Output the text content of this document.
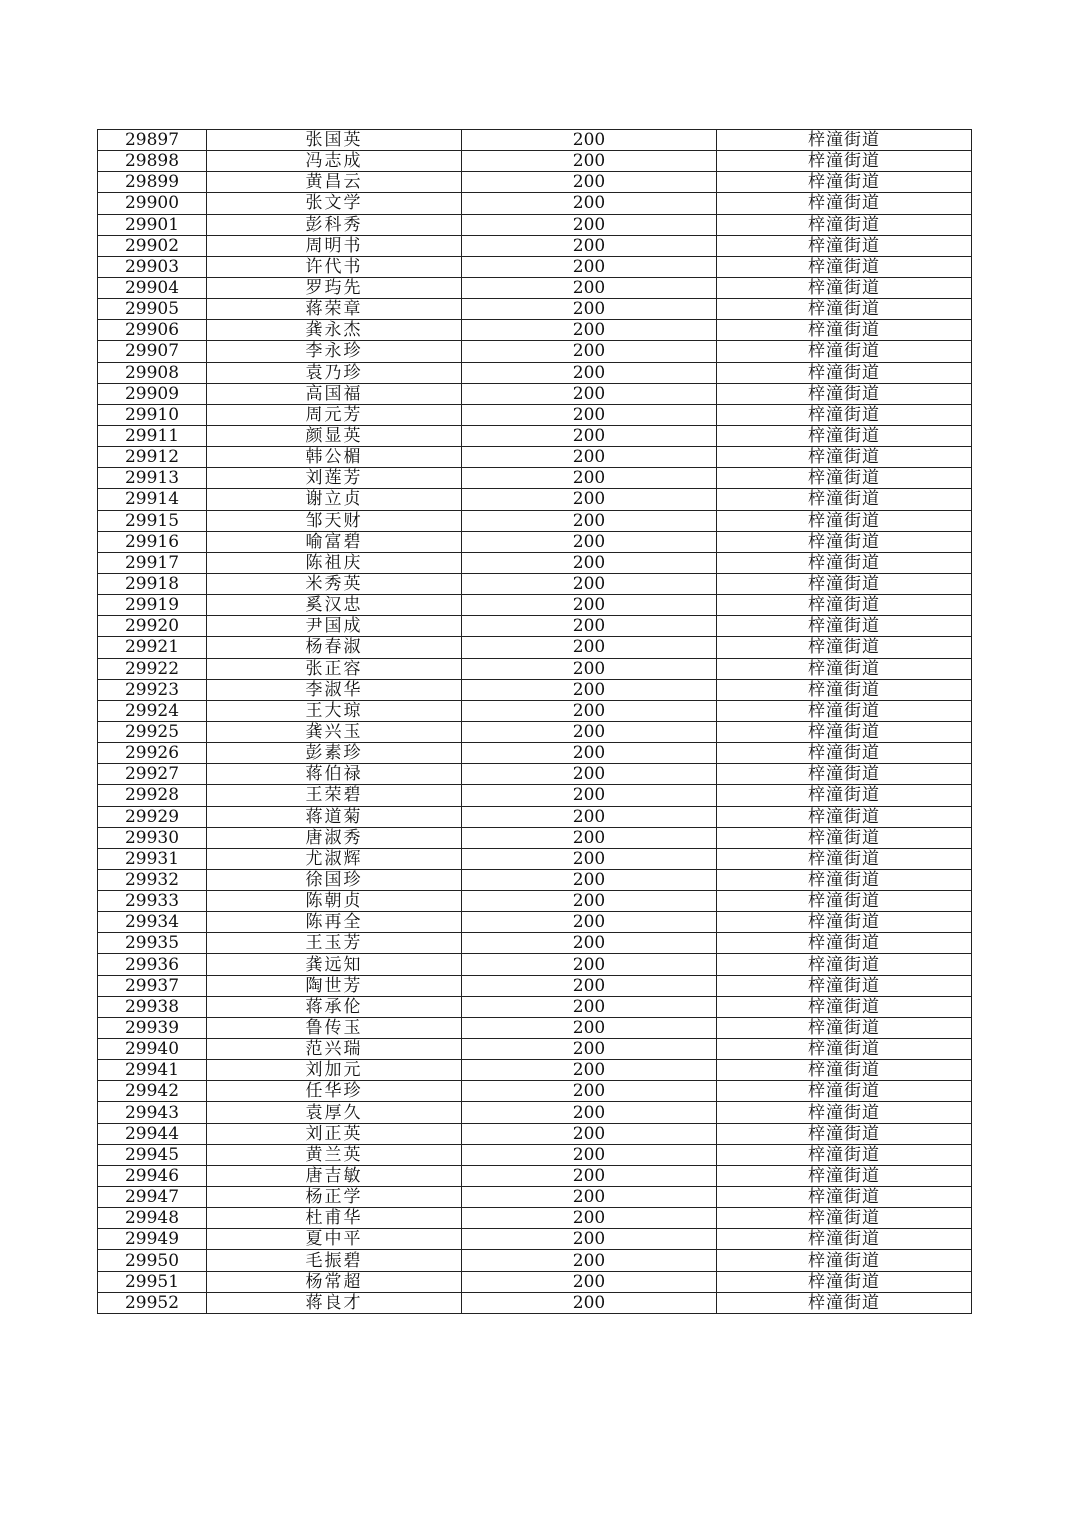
29897	张国英	200	梓潼街道
29898	冯志成	200	梓潼街道
29899	黄昌云	200	梓潼街道
29900	张文学	200	梓潼街道
29901	彭科秀	200	梓潼街道
29902	周明书	200	梓潼街道
29903	许代书	200	梓潼街道
29904	罗玙先	200	梓潼街道
29905	蒋荣章	200	梓潼街道
29906	龚永杰	200	梓潼街道
29907	李永珍	200	梓潼街道
29908	袁乃珍	200	梓潼街道
29909	高国福	200	梓潼街道
29910	周元芳	200	梓潼街道
29911	颜显英	200	梓潼街道
29912	韩公楣	200	梓潼街道
29913	刘莲芳	200	梓潼街道
29914	谢立贞	200	梓潼街道
29915	邹天财	200	梓潼街道
29916	喻富碧	200	梓潼街道
29917	陈祖庆	200	梓潼街道
29918	米秀英	200	梓潼街道
29919	奚汉忠	200	梓潼街道
29920	尹国成	200	梓潼街道
29921	杨春淑	200	梓潼街道
29922	张正容	200	梓潼街道
29923	李淑华	200	梓潼街道
29924	王大琼	200	梓潼街道
29925	龚兴玉	200	梓潼街道
29926	彭素珍	200	梓潼街道
29927	蒋伯禄	200	梓潼街道
29928	王荣碧	200	梓潼街道
29929	蒋道菊	200	梓潼街道
29930	唐淑秀	200	梓潼街道
29931	尤淑辉	200	梓潼街道
29932	徐国珍	200	梓潼街道
29933	陈朝贞	200	梓潼街道
29934	陈再全	200	梓潼街道
29935	王玉芳	200	梓潼街道
29936	龚远知	200	梓潼街道
29937	陶世芳	200	梓潼街道
29938	蒋承伦	200	梓潼街道
29939	鲁传玉	200	梓潼街道
29940	范兴瑞	200	梓潼街道
29941	刘加元	200	梓潼街道
29942	任华珍	200	梓潼街道
29943	袁厚久	200	梓潼街道
29944	刘正英	200	梓潼街道
29945	黄兰英	200	梓潼街道
29946	唐吉敏	200	梓潼街道
29947	杨正学	200	梓潼街道
29948	杜甫华	200	梓潼街道
29949	夏中平	200	梓潼街道
29950	毛振碧	200	梓潼街道
29951	杨常超	200	梓潼街道
29952	蒋良才	200	梓潼街道
